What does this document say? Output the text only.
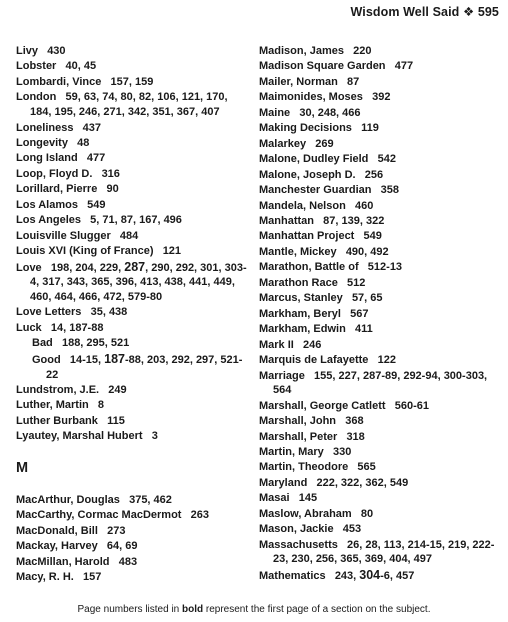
Wisdom Well Said ❖ 595
Livy 430
Lobster 40, 45
Lombardi, Vince 157, 159
London 59, 63, 74, 80, 82, 106, 121, 170, 184, 195, 246, 271, 342, 351, 367, 407
Loneliness 437
Longevity 48
Long Island 477
Loop, Floyd D. 316
Lorillard, Pierre 90
Los Alamos 549
Los Angeles 5, 71, 87, 167, 496
Louisville Slugger 484
Louis XVI (King of France) 121
Love 198, 204, 229, 287, 290, 292, 301, 303-4, 317, 343, 365, 396, 413, 438, 441, 449, 460, 464, 466, 472, 579-80
Love Letters 35, 438
Luck 14, 187-88
Bad 188, 295, 521
Good 14-15, 187-88, 203, 292, 297, 521-22
Lundstrom, J.E. 249
Luther, Martin 8
Luther Burbank 115
Lyautey, Marshal Hubert 3
M
MacArthur, Douglas 375, 462
MacCarthy, Cormac MacDermot 263
MacDonald, Bill 273
Mackay, Harvey 64, 69
MacMillan, Harold 483
Macy, R. H. 157
Madison, James 220
Madison Square Garden 477
Mailer, Norman 87
Maimonides, Moses 392
Maine 30, 248, 466
Making Decisions 119
Malarkey 269
Malone, Dudley Field 542
Malone, Joseph D. 256
Manchester Guardian 358
Mandela, Nelson 460
Manhattan 87, 139, 322
Manhattan Project 549
Mantle, Mickey 490, 492
Marathon, Battle of 512-13
Marathon Race 512
Marcus, Stanley 57, 65
Markham, Beryl 567
Markham, Edwin 411
Mark II 246
Marquis de Lafayette 122
Marriage 155, 227, 287-89, 292-94, 300-303, 564
Marshall, George Catlett 560-61
Marshall, John 368
Marshall, Peter 318
Martin, Mary 330
Martin, Theodore 565
Maryland 222, 322, 362, 549
Masai 145
Maslow, Abraham 80
Mason, Jackie 453
Massachusetts 26, 28, 113, 214-15, 219, 222-23, 230, 256, 365, 369, 404, 497
Mathematics 243, 304-6, 457
Page numbers listed in bold represent the first page of a section on the subject.
